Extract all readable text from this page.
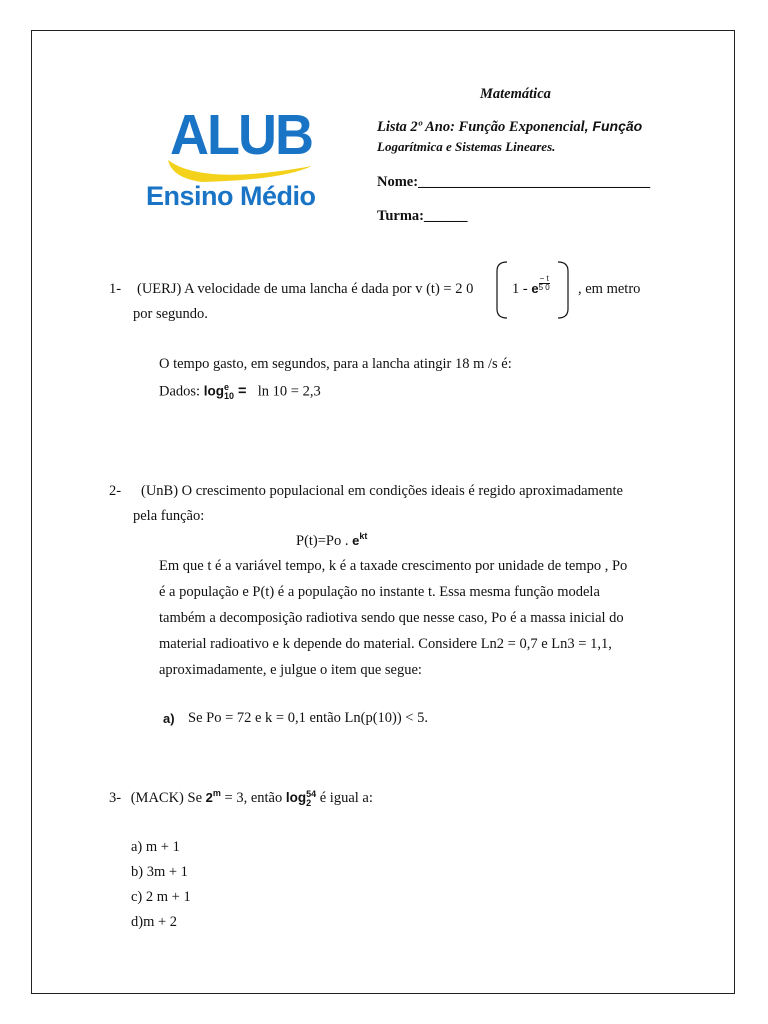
ALUB
Ensino Médio
Matemática
Lista 2º Ano: Função Exponencial, Função
Logarítmica e Sistemas Lineares.
Nome:________________________________
Turma:______
1- (UERJ) A velocidade de uma lancha é dada por v (t) = 2 0	1 - e $\frac{- t}{5 0}$ , em metro
por segundo.
O tempo gasto, em segundos, para a lancha atingir 18 m /s é:
Dados: log e
10 =   ln 10 = 2,3
2- (UnB) O crescimento populacional em condições ideais é regido aproximadamente
pela função:
P(t)=Po . $e^{kt}$
Em que t é a variável tempo, k é a taxade crescimento por unidade de tempo , Po
é a população e P(t) é a população no instante t. Essa mesma função modela
também a decomposição radiotiva sendo que nesse caso, Po é a massa inicial do
material radioativo e k depende do material. Considere Ln2 = 0,7 e Ln3 = 1,1,
aproximadamente, e julgue o item que segue:
a) Se Po = 72 e k = 0,1 então Ln(p(10)) < 5.
3- (MACK) Se $2^m = 3$, então log 54
2 é igual a:
a) m + 1
b) 3m + 1
c) 2 m + 1
d)m + 2
